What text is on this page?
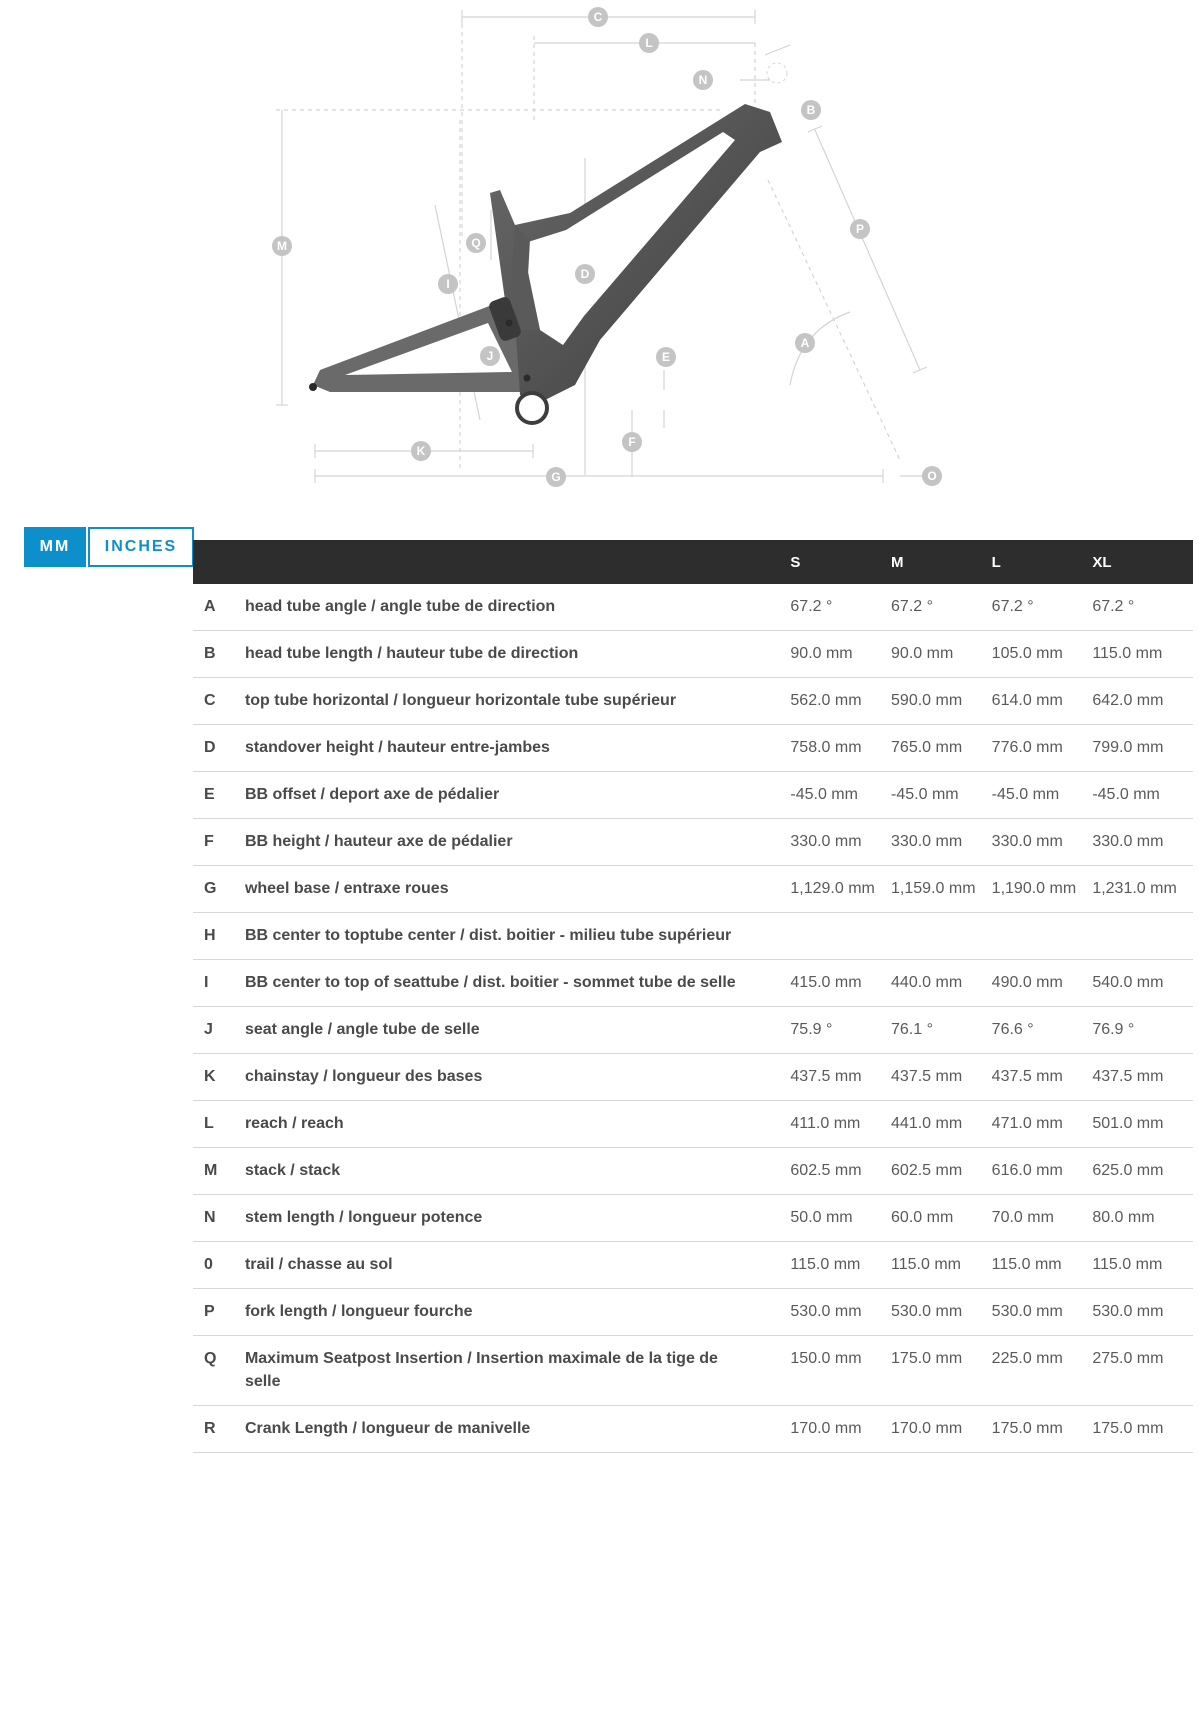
C
L
N
B
P
M	Q
D
I
A
J	E
F
K
G	O
MM	INCHES
		S	M	L	XL
A	head tube angle / angle tube de direction	67.2 °	67.2 °	67.2 °	67.2 °
B	head tube length / hauteur tube de direction	90.0 mm	90.0 mm	105.0 mm	115.0 mm
C	top tube horizontal / longueur horizontale tube supérieur	562.0 mm	590.0 mm	614.0 mm	642.0 mm
D	standover height / hauteur entre-jambes	758.0 mm	765.0 mm	776.0 mm	799.0 mm
E	BB offset / deport axe de pédalier	-45.0 mm	-45.0 mm	-45.0 mm	-45.0 mm
F	BB height / hauteur axe de pédalier	330.0 mm	330.0 mm	330.0 mm	330.0 mm
G	wheel base / entraxe roues	1,129.0 mm	1,159.0 mm	1,190.0 mm	1,231.0 mm
H	BB center to toptube center / dist. boitier - milieu tube supérieur				
I	BB center to top of seattube / dist. boitier - sommet tube de selle	415.0 mm	440.0 mm	490.0 mm	540.0 mm
J	seat angle / angle tube de selle	75.9 °	76.1 °	76.6 °	76.9 °
K	chainstay / longueur des bases	437.5 mm	437.5 mm	437.5 mm	437.5 mm
L	reach / reach	411.0 mm	441.0 mm	471.0 mm	501.0 mm
M	stack / stack	602.5 mm	602.5 mm	616.0 mm	625.0 mm
N	stem length / longueur potence	50.0 mm	60.0 mm	70.0 mm	80.0 mm
0	trail / chasse au sol	115.0 mm	115.0 mm	115.0 mm	115.0 mm
P	fork length / longueur fourche	530.0 mm	530.0 mm	530.0 mm	530.0 mm
Q	Maximum Seatpost Insertion / Insertion maximale de la tige de selle	150.0 mm	175.0 mm	225.0 mm	275.0 mm
R	Crank Length / longueur de manivelle	170.0 mm	170.0 mm	175.0 mm	175.0 mm
